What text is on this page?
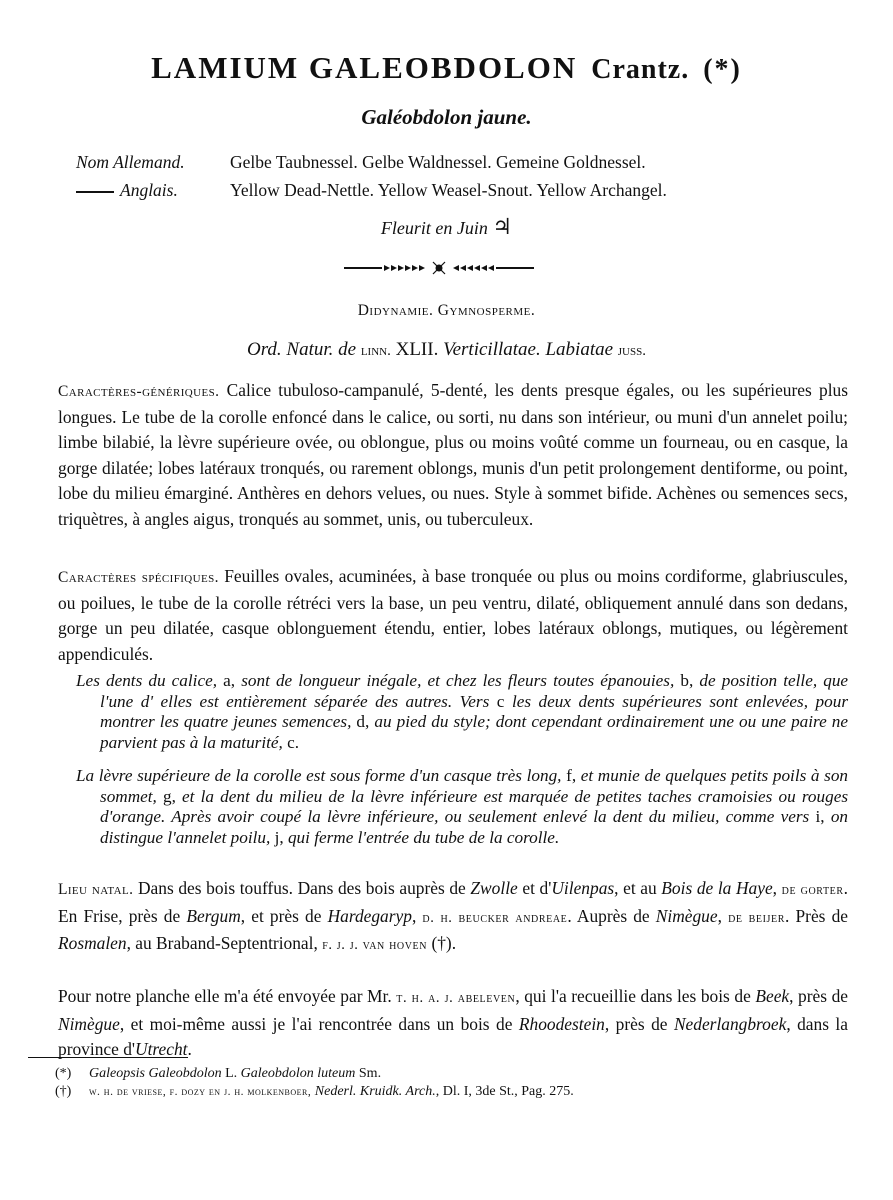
LAMIUM GALEOBDOLON Crantz. (*)
Galéobdolon jaune.
Nom Allemand.	Gelbe Taubnessel. Gelbe Waldnessel. Gemeine Goldnessel.
Anglais.	Yellow Dead-Nettle. Yellow Weasel-Snout. Yellow Archangel.
Fleurit en Juin ♃
Didynamie. Gymnosperme.
Ord. Natur. de linn. XLII. Verticillatae. Labiatae juss.
Caractères-génériques. Calice tubuloso-campanulé, 5-denté, les dents presque égales, ou les supérieures plus longues. Le tube de la corolle enfoncé dans le calice, ou sorti, nu dans son intérieur, ou muni d'un annelet poilu; limbe bilabié, la lèvre supérieure ovée, ou oblongue, plus ou moins voûté comme un fourneau, ou en casque, la gorge dilatée; lobes latéraux tronqués, ou rarement oblongs, munis d'un petit prolongement dentiforme, ou point, lobe du milieu émarginé. Anthères en dehors velues, ou nues. Style à sommet bifide. Achènes ou semences secs, triquètres, à angles aigus, tronqués au sommet, unis, ou tuberculeux.
Caractères spécifiques. Feuilles ovales, acuminées, à base tronquée ou plus ou moins cordiforme, glabriuscules, ou poilues, le tube de la corolle rétréci vers la base, un peu ventru, dilaté, obliquement annulé dans son dedans, gorge un peu dilatée, casque oblonguement étendu, entier, lobes latéraux oblongs, mutiques, ou légèrement appendiculés.
Les dents du calice, a, sont de longueur inégale, et chez les fleurs toutes épanouies, b, de position telle, que l'une d' elles est entièrement séparée des autres. Vers c les deux dents supérieures sont enlevées, pour montrer les quatre jeunes semences, d, au pied du style; dont cependant ordinairement une ou une paire ne parvient pas à la maturité, c.
La lèvre supérieure de la corolle est sous forme d'un casque très long, f, et munie de quelques petits poils à son sommet, g, et la dent du milieu de la lèvre inférieure est marquée de petites taches cramoisies ou rouges d'orange. Après avoir coupé la lèvre inférieure, ou seulement enlevé la dent du milieu, comme vers i, on distingue l'annelet poilu, j, qui ferme l'entrée du tube de la corolle.
Lieu natal. Dans des bois touffus. Dans des bois auprès de Zwolle et d'Uilenpas, et au Bois de la Haye, de gorter. En Frise, près de Bergum, et près de Hardegaryp, d. h. beucker andreae. Auprès de Nimègue, de beijer. Près de Rosmalen, au Braband-Septentrional, f. j. j. van hoven (†).
Pour notre planche elle m'a été envoyée par Mr. t. h. a. j. abeleven, qui l'a recueillie dans les bois de Beek, près de Nimègue, et moi-même aussi je l'ai rencontrée dans un bois de Rhoodestein, près de Nederlangbroek, dans la province d'Utrecht.
(*) Galeopsis Galeobdolon L. Galeobdolon luteum Sm.
(†) w. h. de vriese, f. dozy en j. h. molkenboer, Nederl. Kruidk. Arch., Dl. I, 3de St., Pag. 275.
